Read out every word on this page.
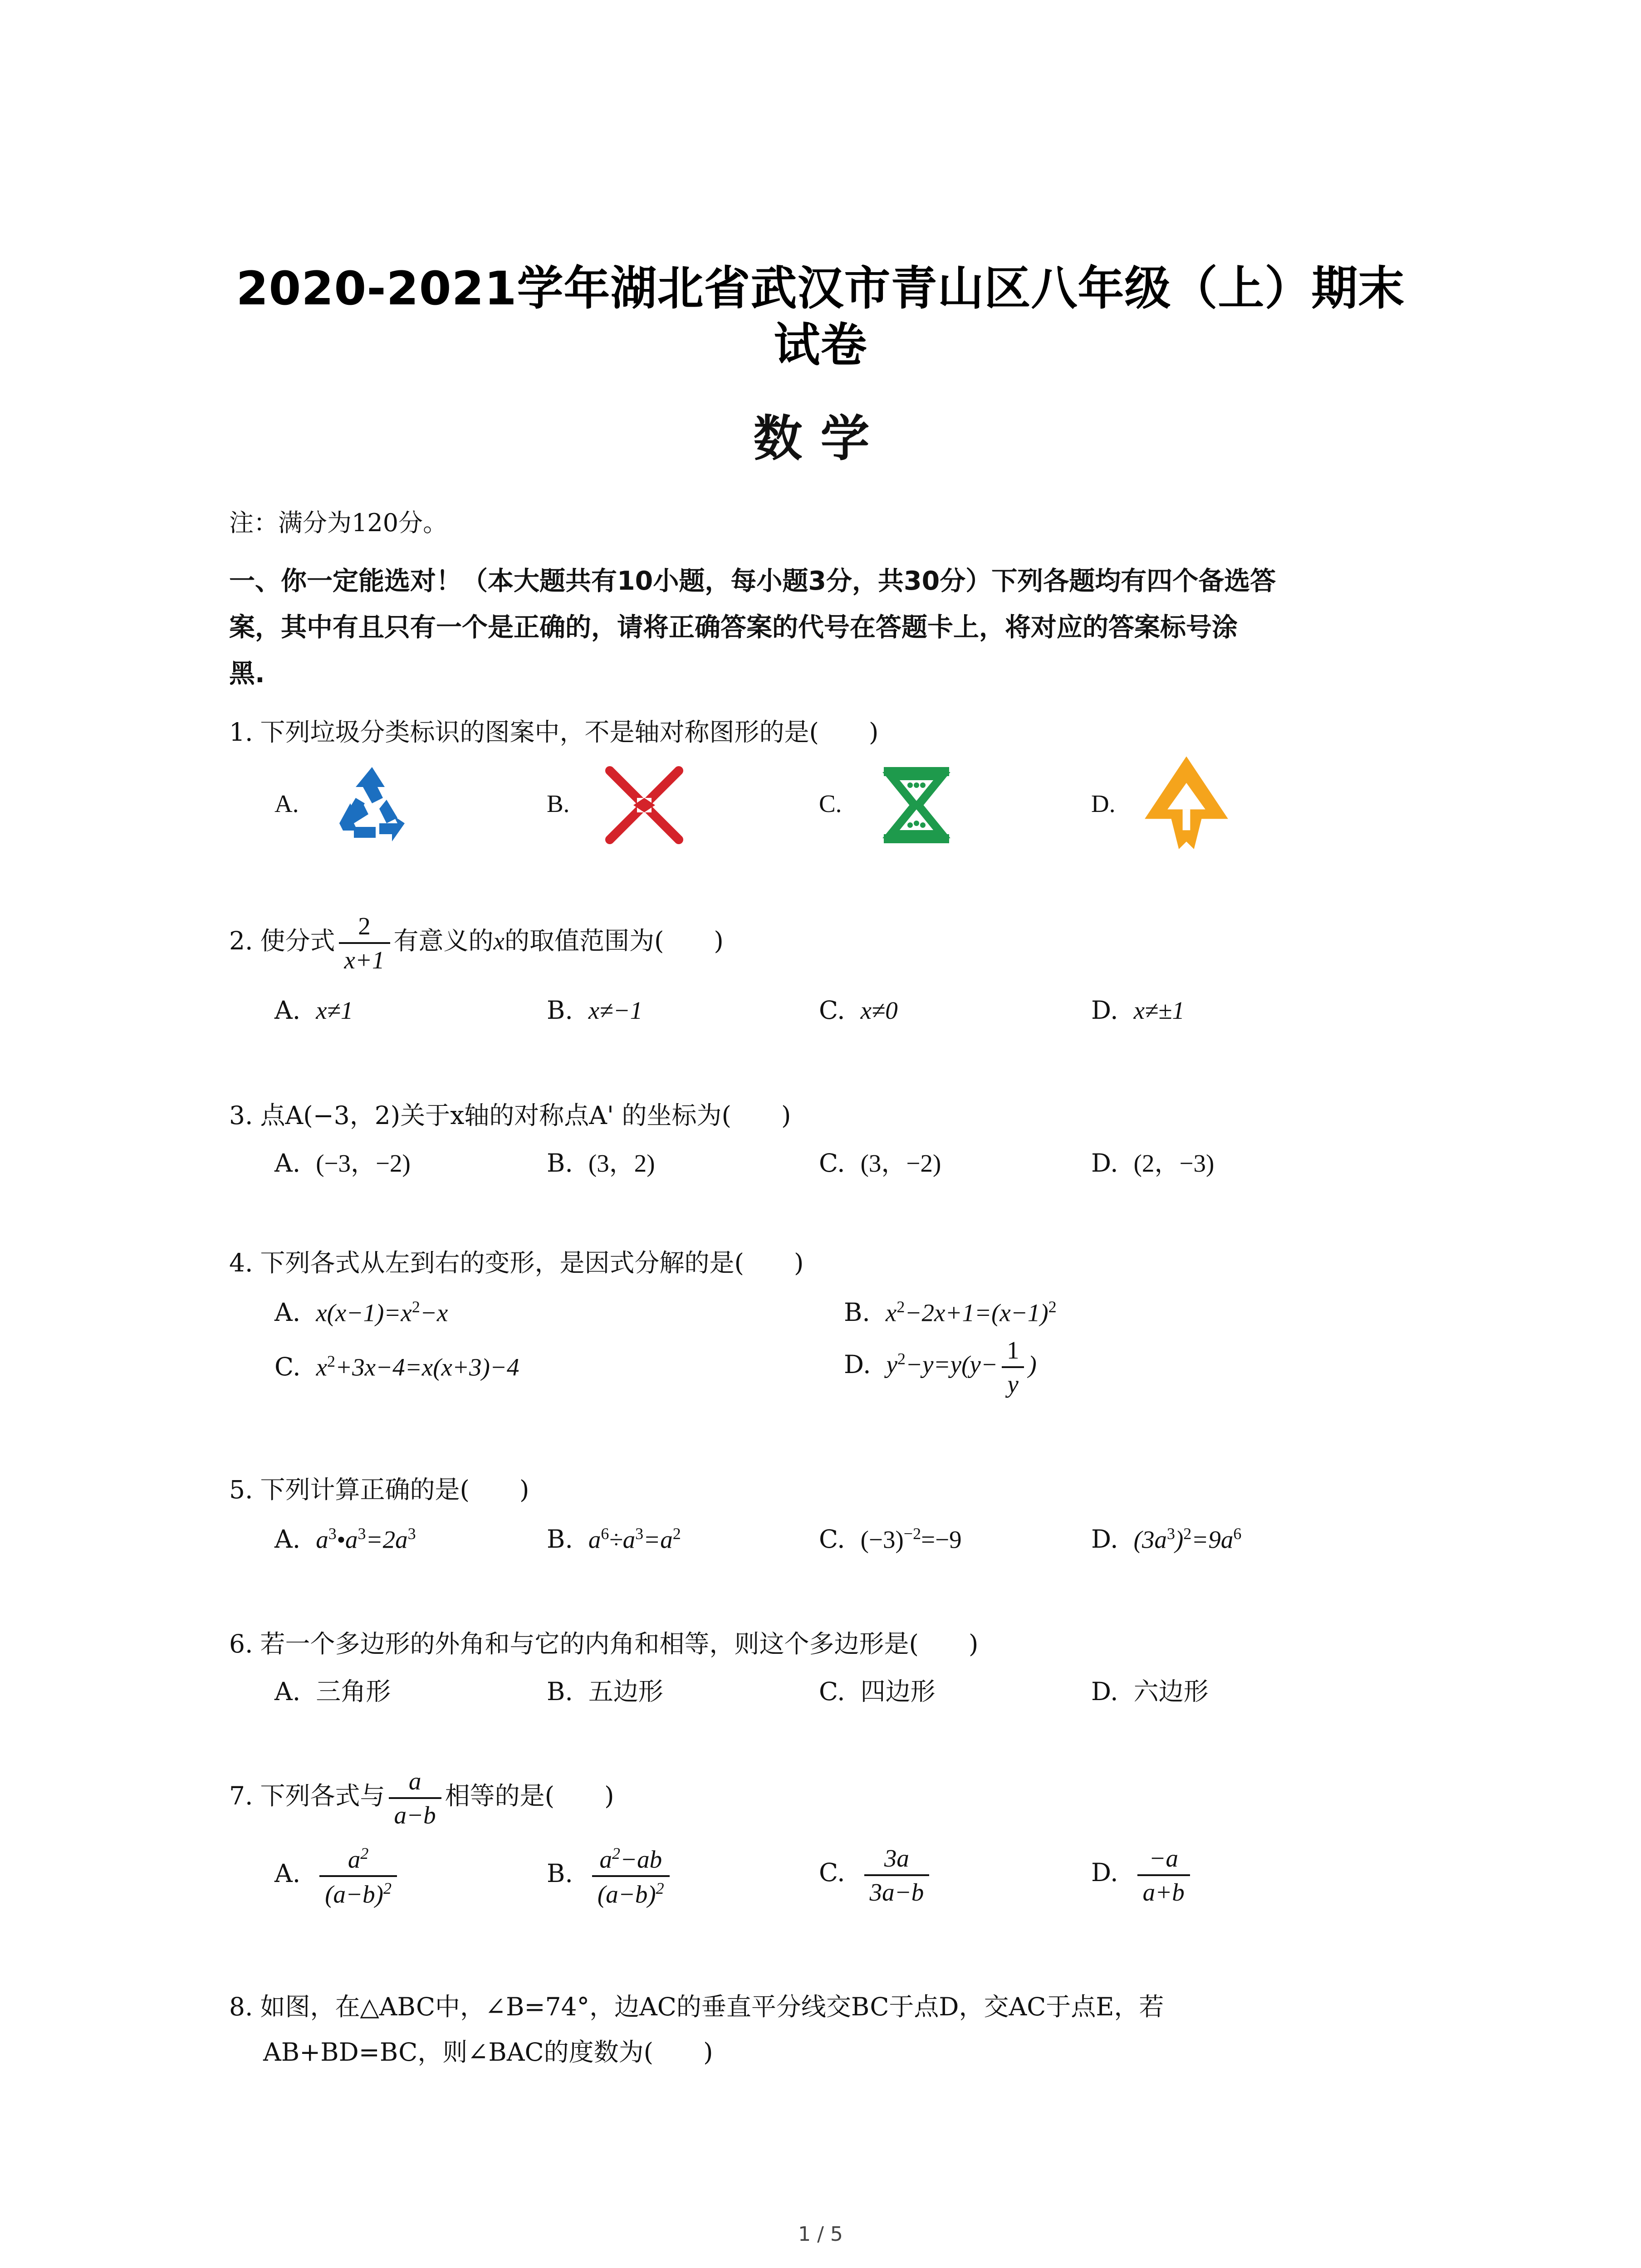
2020-2021学年湖北省武汉市青山区八年级（上）期末
试卷
数学
注：满分为120分。
一、你一定能选对！（本大题共有10小题，每小题3分，共30分）下列各题均有四个备选答
案，其中有且只有一个是正确的，请将正确答案的代号在答题卡上，将对应的答案标号涂
黑.
1. 下列垃圾分类标识的图案中，不是轴对称图形的是(　　)
A.	B.	C.	D.
2. 使分式 $\frac{2}{x+1}$ 有意义的x的取值范围为(　　)
A. x≠1	B. x≠−1	C. x≠0	D. x≠±1
3. 点A(−3，2)关于x轴的对称点A' 的坐标为(　　)
A. (−3，−2)	B. (3，2)	C. (3，−2)	D. (2，−3)
4. 下列各式从左到右的变形，是因式分解的是(　　)
A. $x(x-1)=x^2-x$	B. $x^2-2x+1=(x-1)^2$
C. $x^2+3x-4=x(x+3)-4$	D. $y^2-y=y(y- \frac{1}{y}$ )
5. 下列计算正确的是(　　)
A. $a^3•a^3=2a^3$	B. $a^6\div a^3=a^2$	C. $(-3)^{-2}=-9$	D. $(3a^3)^2=9a^6$
6. 若一个多边形的外角和与它的内角和相等，则这个多边形是(　　)
A. 三角形	B. 五边形	C. 四边形	D. 六边形
7. 下列各式与 $\frac{a}{a-b}$ 相等的是(　　)
A. $\frac{a^2}{(a-b)^2}$	B. $\frac{a^2-ab}{(a-b)^2}$	C. $\frac{3a}{3a-b}$	D. $\frac{-a}{a+b}$
8. 如图，在△ABC中，∠B=74°，边AC的垂直平分线交BC于点D，交AC于点E，若
AB+BD=BC，则∠BAC的度数为(　　)
1 / 5
